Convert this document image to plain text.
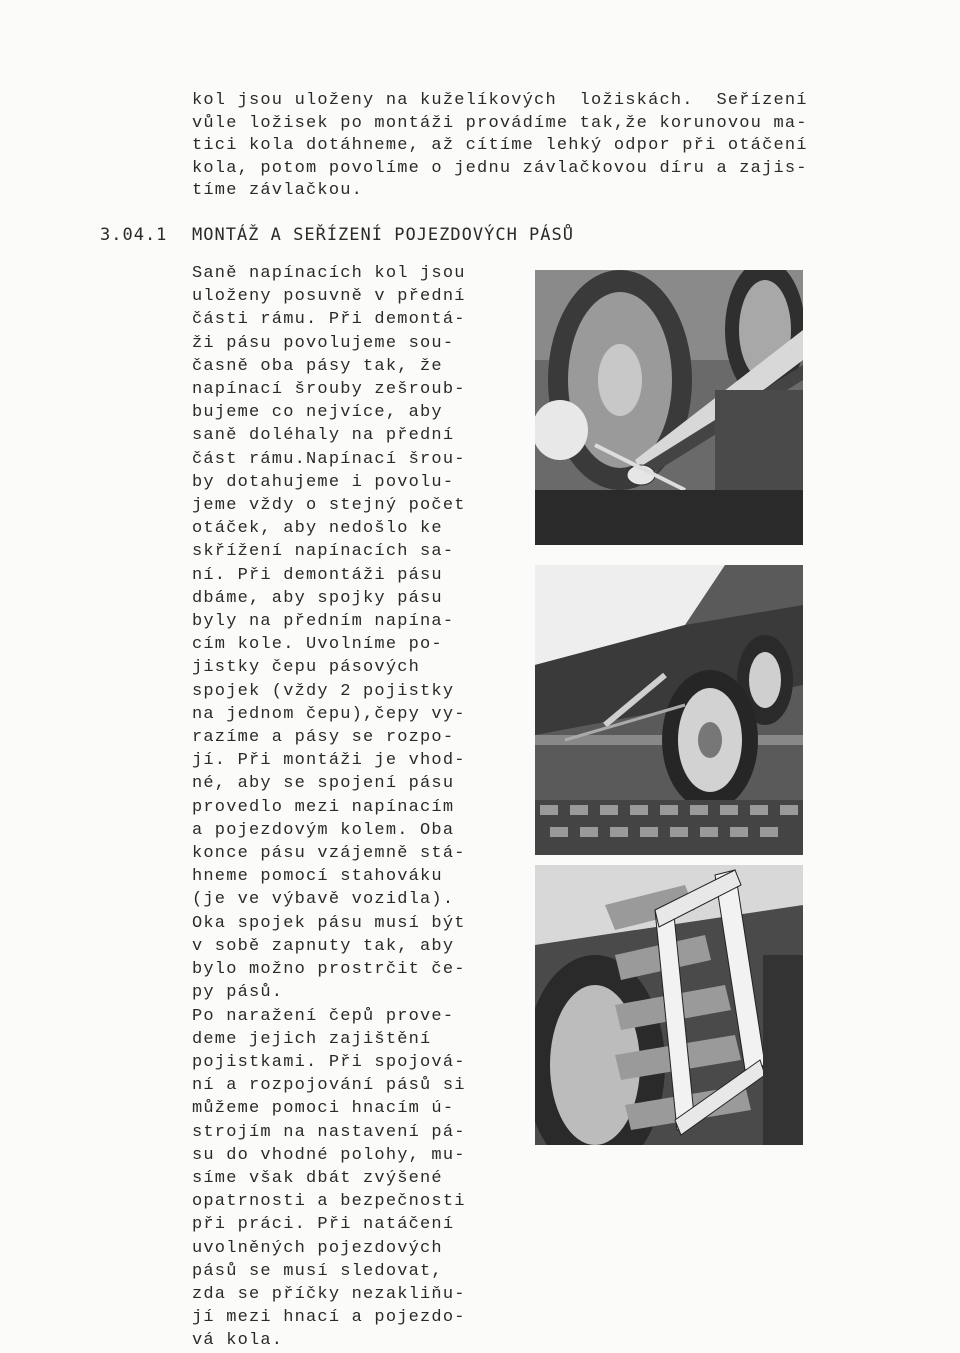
kol jsou uloženy na kuželíkových  ložiskách.  Seřízení
vůle ložisek po montáži provádíme tak,že korunovou ma-
tici kola dotáhneme, až cítíme lehký odpor při otáčení
kola, potom povolíme o jednu závlačkovou díru a zajis-
tíme závlačkou.
3.04.1 MONTÁŽ A SEŘÍZENÍ POJEZDOVÝCH PÁSŮ
Saně napínacích kol jsou
uloženy posuvně v přední
části rámu. Při demontá-
ži pásu povolujeme sou-
časně oba pásy tak, že
napínací šrouby zešroub-
bujeme co nejvíce, aby
saně doléhaly na přední
část rámu.Napínací šrou-
by dotahujeme i povolu-
jeme vždy o stejný počet
otáček, aby nedošlo ke
skřížení napínacích sa-
ní. Při demontáži pásu
dbáme, aby spojky pásu
byly na předním napína-
cím kole. Uvolníme po-
jistky čepu pásových
spojek (vždy 2 pojistky
na jednom čepu),čepy vy-
razíme a pásy se rozpo-
jí. Při montáži je vhod-
né, aby se spojení pásu
provedlo mezi napínacím
a pojezdovým kolem. Oba
konce pásu vzájemně stá-
hneme pomocí stahováku
(je ve výbavě vozidla).
Oka spojek pásu musí být
v sobě zapnuty tak, aby
bylo možno prostrčit če-
py pásů.
Po naražení čepů prove-
deme jejich zajištění
pojistkami. Při spojová-
ní a rozpojování pásů si
můžeme pomoci hnacím ú-
strojím na nastavení pá-
su do vhodné polohy, mu-
síme však dbát zvýšené
opatrnosti a bezpečnosti
při práci. Při natáčení
uvolněných pojezdových
pásů se musí sledovat,
zda se příčky nezakliňu-
jí mezi hnací a pojezdo-
vá kola.
